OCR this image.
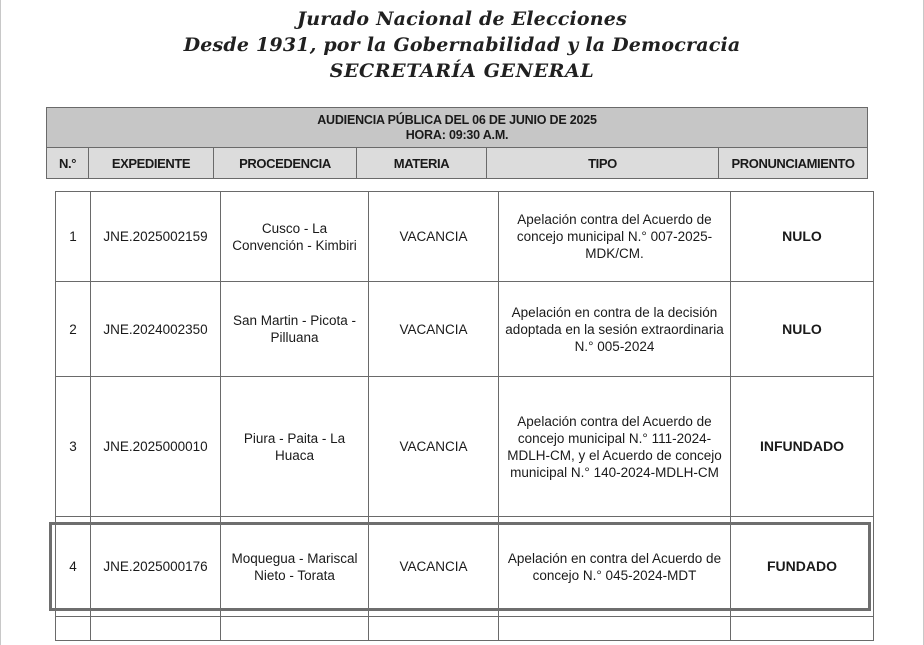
Jurado Nacional de Elecciones
Desde 1931, por la Gobernabilidad y la Democracia
SECRETARÍA GENERAL
AUDIENCIA PÚBLICA DEL 06 DE JUNIO DE 2025
HORA: 09:30 A.M.

N.°	EXPEDIENTE	PROCEDENCIA	MATERIA	TIPO	PRONUNCIAMIENTO
1	JNE.2025002159	Cusco - La Convención - Kimbiri	VACANCIA	Apelación contra del Acuerdo de concejo municipal N.° 007-2025-MDK/CM.	NULO
2	JNE.2024002350	San Martin - Picota - Pilluana	VACANCIA	Apelación en contra de la decisión adoptada en la sesión extraordinaria N.° 005-2024	NULO
3	JNE.2025000010	Piura - Paita - La Huaca	VACANCIA	Apelación contra del Acuerdo de concejo municipal N.° 111-2024-MDLH-CM, y el Acuerdo de concejo municipal N.° 140-2024-MDLH-CM	INFUNDADO
4	JNE.2025000176	Moquegua - Mariscal Nieto - Torata	VACANCIA	Apelación en contra del Acuerdo de concejo N.° 045-2024-MDT	FUNDADO
